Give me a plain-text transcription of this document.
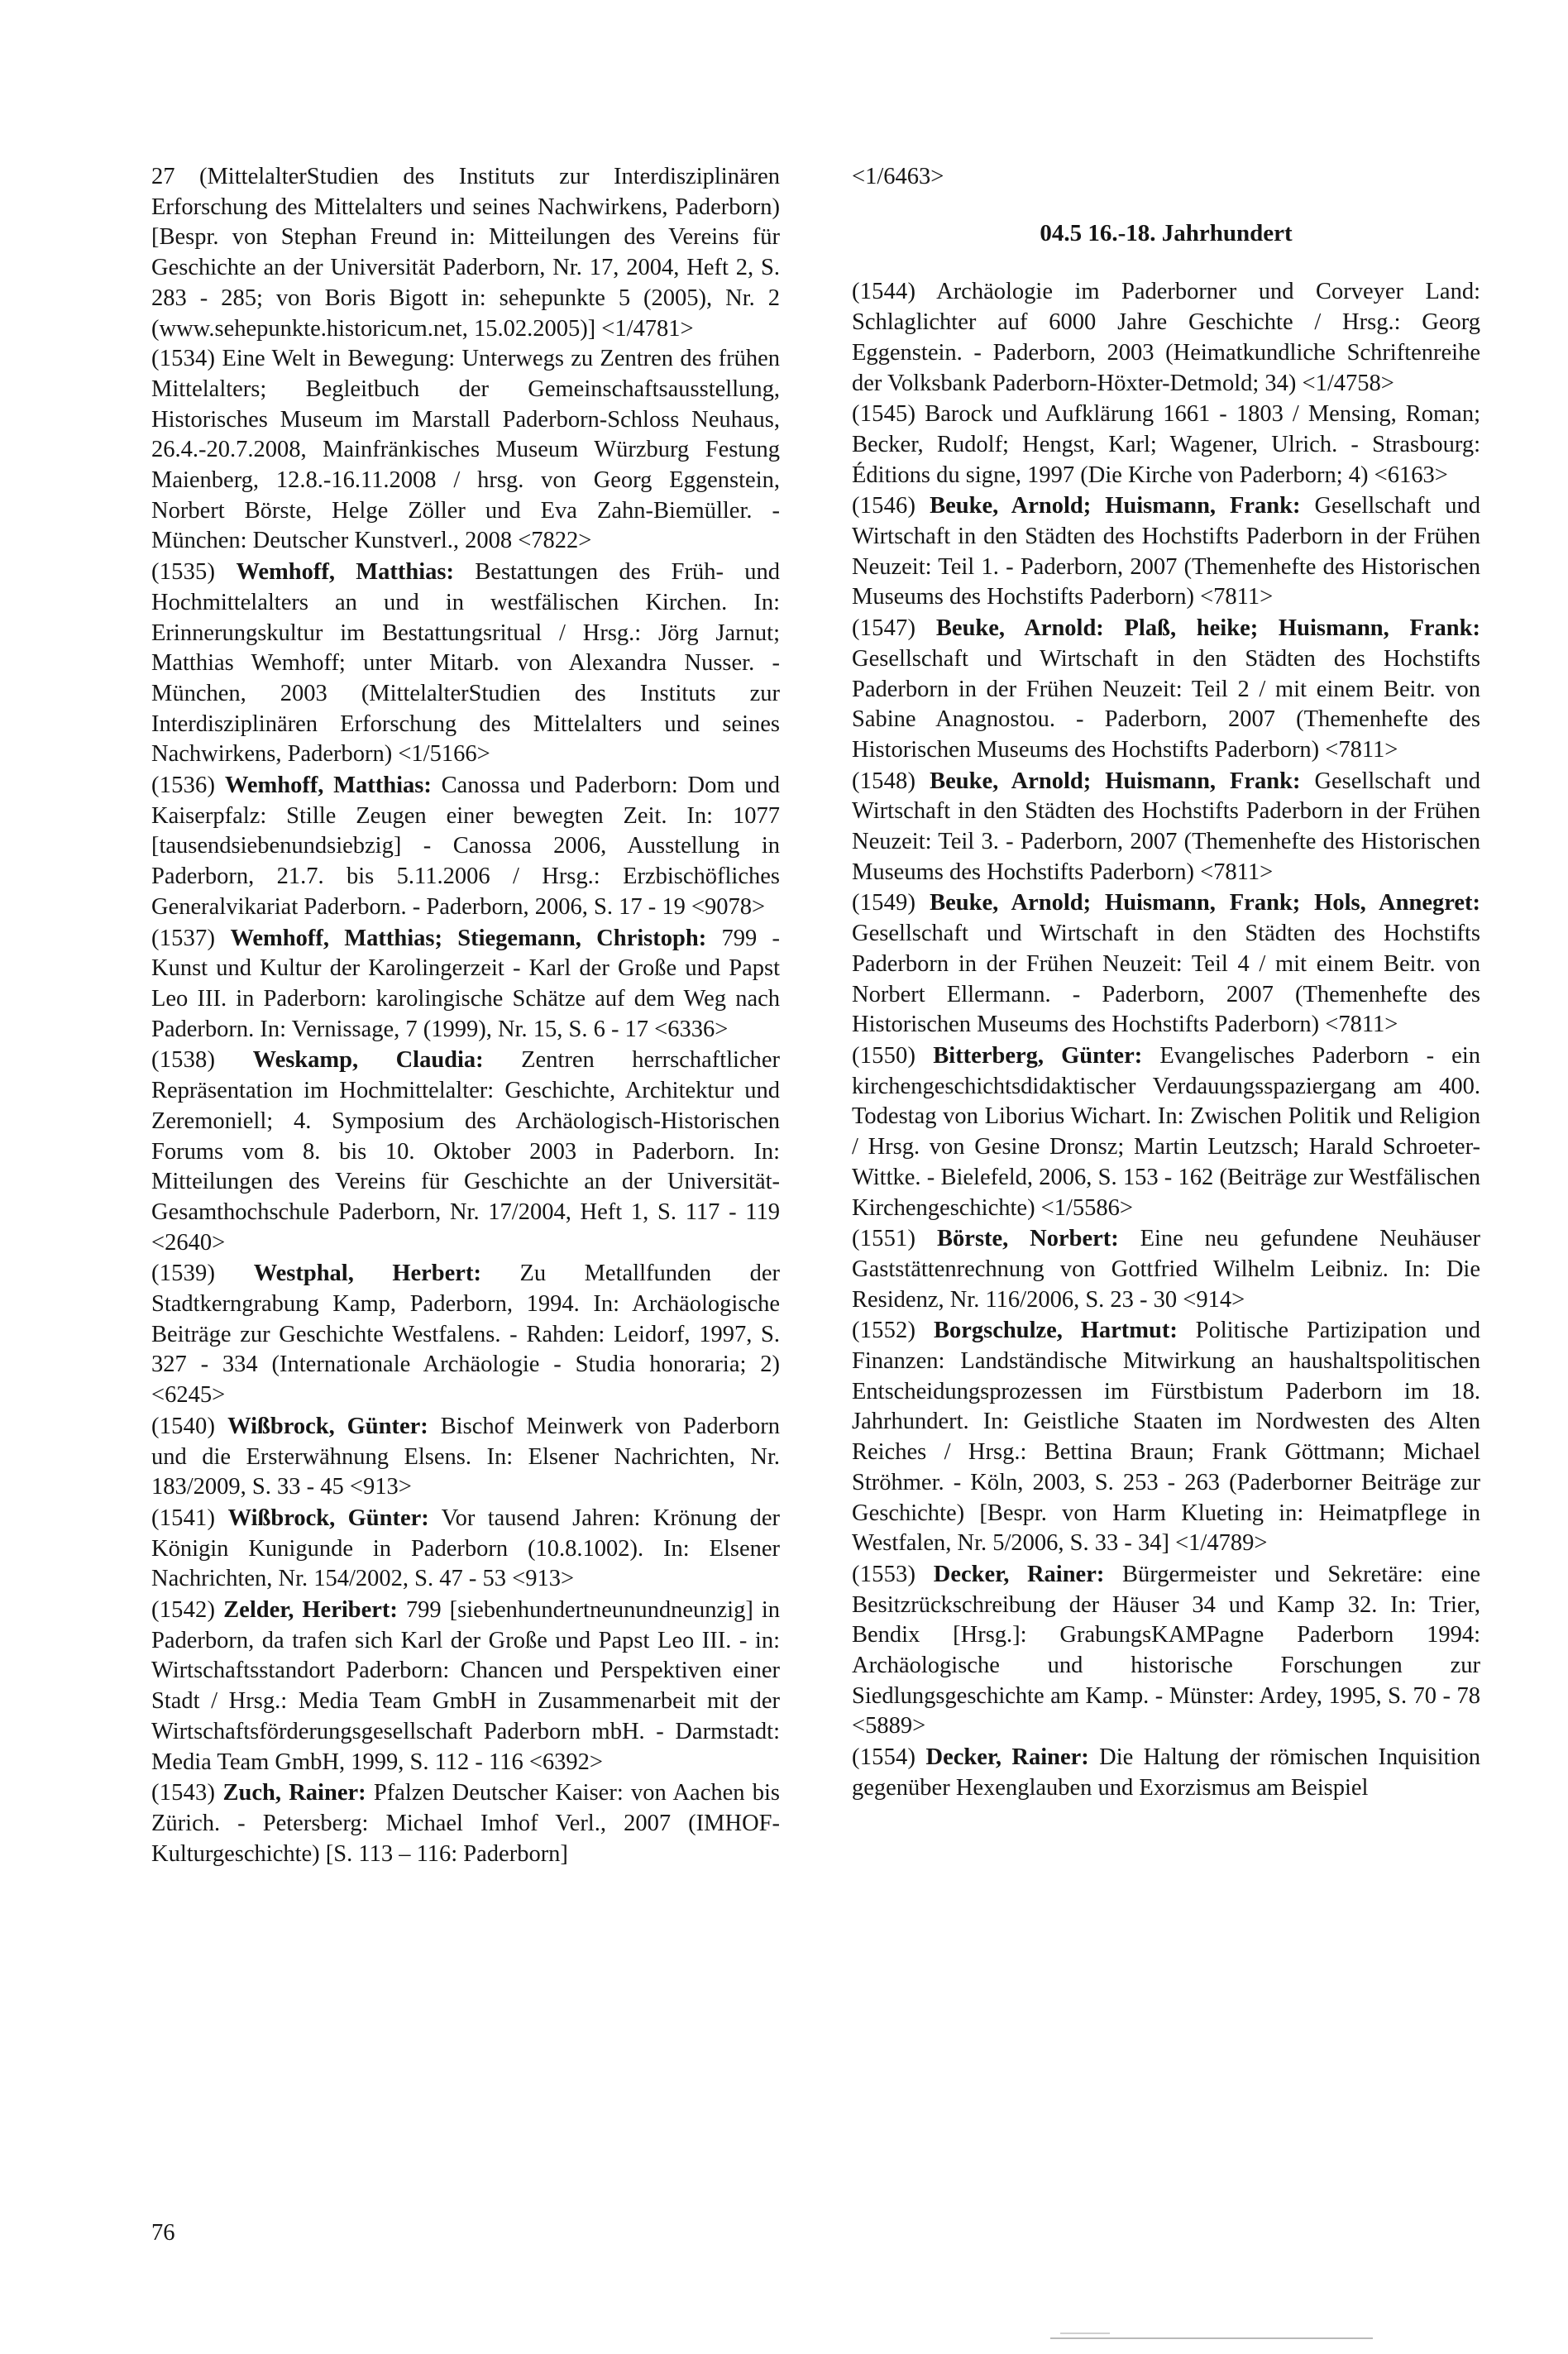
27 (MittelalterStudien des Instituts zur Interdisziplinären Erforschung des Mittelalters und seines Nachwirkens, Paderborn) [Bespr. von Stephan Freund in: Mitteilungen des Vereins für Geschichte an der Universität Paderborn, Nr. 17, 2004, Heft 2, S. 283 - 285; von Boris Bigott in: sehepunkte 5 (2005), Nr. 2 (www.sehepunkte.historicum.net, 15.02.2005)] <1/4781>

(1534) Eine Welt in Bewegung: Unterwegs zu Zentren des frühen Mittelalters; Begleitbuch der Gemeinschaftsausstellung, Historisches Museum im Marstall Paderborn-Schloss Neuhaus, 26.4.-20.7.2008, Mainfränkisches Museum Würzburg Festung Maienberg, 12.8.-16.11.2008 / hrsg. von Georg Eggenstein, Norbert Börste, Helge Zöller und Eva Zahn-Biemüller. - München: Deutscher Kunstverl., 2008 <7822>

(1535) Wemhoff, Matthias: Bestattungen des Früh- und Hochmittelalters an und in westfälischen Kirchen. In: Erinnerungskultur im Bestattungsritual / Hrsg.: Jörg Jarnut; Matthias Wemhoff; unter Mitarb. von Alexandra Nusser. - München, 2003 (MittelalterStudien des Instituts zur Interdisziplinären Erforschung des Mittelalters und seines Nachwirkens, Paderborn) <1/5166>

(1536) Wemhoff, Matthias: Canossa und Paderborn: Dom und Kaiserpfalz: Stille Zeugen einer bewegten Zeit. In: 1077 [tausendsiebenundsiebzig] - Canossa 2006, Ausstellung in Paderborn, 21.7. bis 5.11.2006 / Hrsg.: Erzbischöfliches Generalvikariat Paderborn. - Paderborn, 2006, S. 17 - 19 <9078>

(1537) Wemhoff, Matthias; Stiegemann, Christoph: 799 - Kunst und Kultur der Karolingerzeit - Karl der Große und Papst Leo III. in Paderborn: karolingische Schätze auf dem Weg nach Paderborn. In: Vernissage, 7 (1999), Nr. 15, S. 6 - 17 <6336>

(1538) Weskamp, Claudia: Zentren herrschaftlicher Repräsentation im Hochmittelalter: Geschichte, Architektur und Zeremoniell; 4. Symposium des Archäologisch-Historischen Forums vom 8. bis 10. Oktober 2003 in Paderborn. In: Mitteilungen des Vereins für Geschichte an der Universität-Gesamthochschule Paderborn, Nr. 17/2004, Heft 1, S. 117 - 119 <2640>

(1539) Westphal, Herbert: Zu Metallfunden der Stadtkerngrabung Kamp, Paderborn, 1994. In: Archäologische Beiträge zur Geschichte Westfalens. - Rahden: Leidorf, 1997, S. 327 - 334 (Internationale Archäologie - Studia honoraria; 2) <6245>

(1540) Wißbrock, Günter: Bischof Meinwerk von Paderborn und die Ersterwähnung Elsens. In: Elsener Nachrichten, Nr. 183/2009, S. 33 - 45 <913>

(1541) Wißbrock, Günter: Vor tausend Jahren: Krönung der Königin Kunigunde in Paderborn (10.8.1002). In: Elsener Nachrichten, Nr. 154/2002, S. 47 - 53 <913>

(1542) Zelder, Heribert: 799 [siebenhundertneunundneunzig] in Paderborn, da trafen sich Karl der Große und Papst Leo III. - in: Wirtschaftsstandort Paderborn: Chancen und Perspektiven einer Stadt / Hrsg.: Media Team GmbH in Zusammenarbeit mit der Wirtschaftsförderungsgesellschaft Paderborn mbH. - Darmstadt: Media Team GmbH, 1999, S. 112 - 116 <6392>

(1543) Zuch, Rainer: Pfalzen Deutscher Kaiser: von Aachen bis Zürich. - Petersberg: Michael Imhof Verl., 2007 (IMHOF-Kulturgeschichte) [S. 113 – 116: Paderborn]

<1/6463>

04.5 16.-18. Jahrhundert

(1544) Archäologie im Paderborner und Corveyer Land: Schlaglichter auf 6000 Jahre Geschichte / Hrsg.: Georg Eggenstein. - Paderborn, 2003 (Heimatkundliche Schriftenreihe der Volksbank Paderborn-Höxter-Detmold; 34) <1/4758>

(1545) Barock und Aufklärung 1661 - 1803 / Mensing, Roman; Becker, Rudolf; Hengst, Karl; Wagener, Ulrich. - Strasbourg: Éditions du signe, 1997 (Die Kirche von Paderborn; 4) <6163>

(1546) Beuke, Arnold; Huismann, Frank: Gesellschaft und Wirtschaft in den Städten des Hochstifts Paderborn in der Frühen Neuzeit: Teil 1. - Paderborn, 2007 (Themenhefte des Historischen Museums des Hochstifts Paderborn) <7811>

(1547) Beuke, Arnold: Plaß, heike; Huismann, Frank: Gesellschaft und Wirtschaft in den Städten des Hochstifts Paderborn in der Frühen Neuzeit: Teil 2 / mit einem Beitr. von Sabine Anagnostou. - Paderborn, 2007 (Themenhefte des Historischen Museums des Hochstifts Paderborn) <7811>

(1548) Beuke, Arnold; Huismann, Frank: Gesellschaft und Wirtschaft in den Städten des Hochstifts Paderborn in der Frühen Neuzeit: Teil 3. - Paderborn, 2007 (Themenhefte des Historischen Museums des Hochstifts Paderborn) <7811>

(1549) Beuke, Arnold; Huismann, Frank; Hols, Annegret: Gesellschaft und Wirtschaft in den Städten des Hochstifts Paderborn in der Frühen Neuzeit: Teil 4 / mit einem Beitr. von Norbert Ellermann. - Paderborn, 2007 (Themenhefte des Historischen Museums des Hochstifts Paderborn) <7811>

(1550) Bitterberg, Günter: Evangelisches Paderborn - ein kirchengeschichtsdidaktischer Verdauungsspaziergang am 400. Todestag von Liborius Wichart. In: Zwischen Politik und Religion / Hrsg. von Gesine Dronsz; Martin Leutzsch; Harald Schroeter-Wittke. - Bielefeld, 2006, S. 153 - 162 (Beiträge zur Westfälischen Kirchengeschichte) <1/5586>

(1551) Börste, Norbert: Eine neu gefundene Neuhäuser Gaststättenrechnung von Gottfried Wilhelm Leibniz. In: Die Residenz, Nr. 116/2006, S. 23 - 30 <914>

(1552) Borgschulze, Hartmut: Politische Partizipation und Finanzen: Landständische Mitwirkung an haushaltspolitischen Entscheidungsprozessen im Fürstbistum Paderborn im 18. Jahrhundert. In: Geistliche Staaten im Nordwesten des Alten Reiches / Hrsg.: Bettina Braun; Frank Göttmann; Michael Ströhmer. - Köln, 2003, S. 253 - 263 (Paderborner Beiträge zur Geschichte) [Bespr. von Harm Klueting in: Heimatpflege in Westfalen, Nr. 5/2006, S. 33 - 34] <1/4789>

(1553) Decker, Rainer: Bürgermeister und Sekretäre: eine Besitzrückschreibung der Häuser 34 und Kamp 32. In: Trier, Bendix [Hrsg.]: GrabungsKAMPagne Paderborn 1994: Archäologische und historische Forschungen zur Siedlungsgeschichte am Kamp. - Münster: Ardey, 1995, S. 70 - 78 <5889>

(1554) Decker, Rainer: Die Haltung der römischen Inquisition gegenüber Hexenglauben und Exorzismus am Beispiel

76
